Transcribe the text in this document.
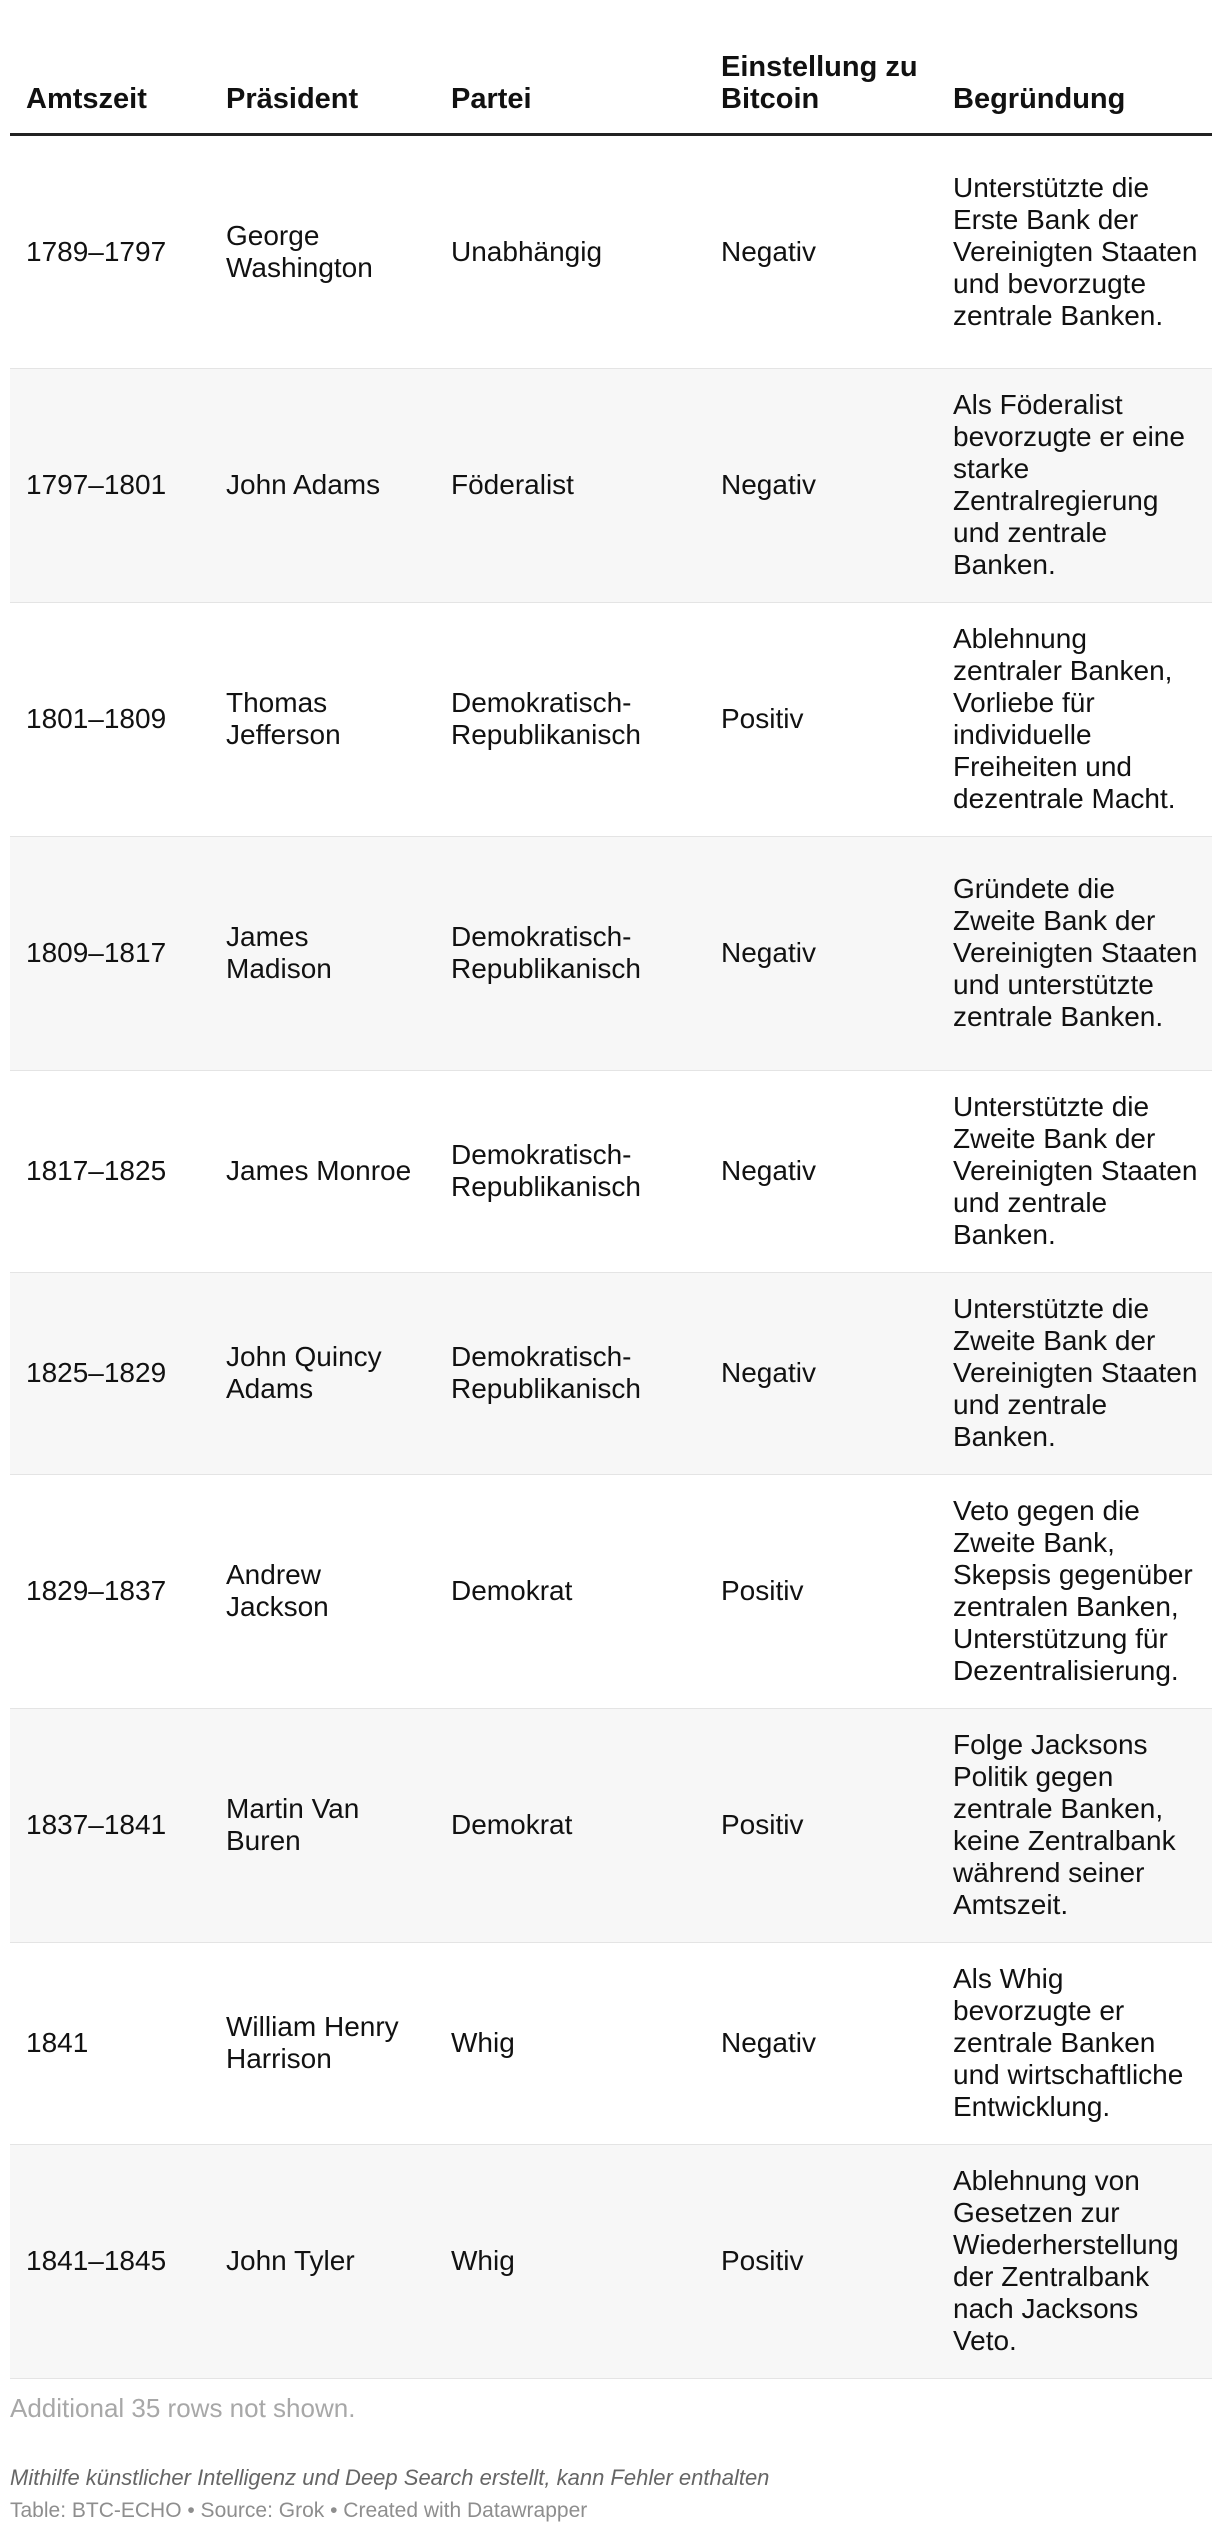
Amtszeit	Präsident	Partei	Einstellung zu Bitcoin	Begründung
1789–1797	George Washington	Unabhängig	Negativ	Unterstützte die Erste Bank der Vereinigten Staaten und bevorzugte zentrale Banken.
1797–1801	John Adams	Föderalist	Negativ	Als Föderalist bevorzugte er eine starke Zentralregierung und zentrale Banken.
1801–1809	Thomas Jefferson	Demokratisch-Republikanisch	Positiv	Ablehnung zentraler Banken, Vorliebe für individuelle Freiheiten und dezentrale Macht.
1809–1817	James Madison	Demokratisch-Republikanisch	Negativ	Gründete die Zweite Bank der Vereinigten Staaten und unterstützte zentrale Banken.
1817–1825	James Monroe	Demokratisch-Republikanisch	Negativ	Unterstützte die Zweite Bank der Vereinigten Staaten und zentrale Banken.
1825–1829	John Quincy Adams	Demokratisch-Republikanisch	Negativ	Unterstützte die Zweite Bank der Vereinigten Staaten und zentrale Banken.
1829–1837	Andrew Jackson	Demokrat	Positiv	Veto gegen die Zweite Bank, Skepsis gegenüber zentralen Banken, Unterstützung für Dezentralisierung.
1837–1841	Martin Van Buren	Demokrat	Positiv	Folge Jacksons Politik gegen zentrale Banken, keine Zentralbank während seiner Amtszeit.
1841	William Henry Harrison	Whig	Negativ	Als Whig bevorzugte er zentrale Banken und wirtschaftliche Entwicklung.
1841–1845	John Tyler	Whig	Positiv	Ablehnung von Gesetzen zur Wiederherstellung der Zentralbank nach Jacksons Veto.
Additional 35 rows not shown.
Mithilfe künstlicher Intelligenz und Deep Search erstellt, kann Fehler enthalten
Table: BTC-ECHO • Source: Grok • Created with Datawrapper
